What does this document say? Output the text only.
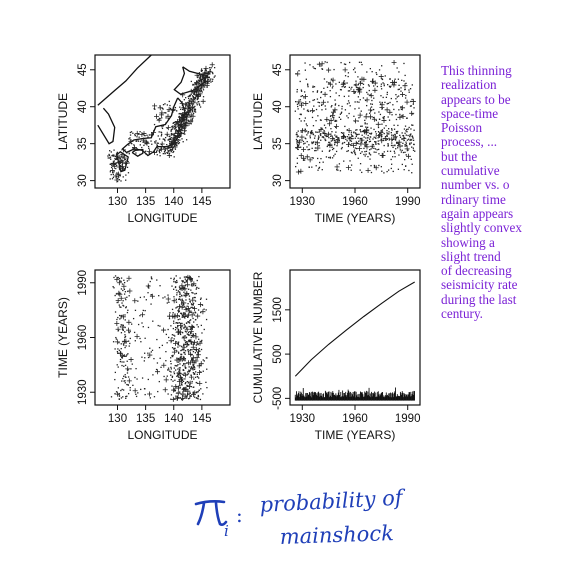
130 135 140 145
30
35
40
45
LONGITUDE
LATITUDE
1930 1960 1990
30
35
40
45
TIME (YEARS)
LATITUDE
130 135 140 145
1930
1960
1990
LONGITUDE
TIME (YEARS)
1930 1960 1990
-500
500
1500
TIME (YEARS)
CUMULATIVE NUMBER
This thinning
realization
appears to be
space-time
Poisson
process, ...
but the
cumulative
number vs. o
rdinary time
again appears
slightly convex
showing a
slight trend
of decreasing
seismicity rate
during the last
century.
i
: probability of
mainshock
